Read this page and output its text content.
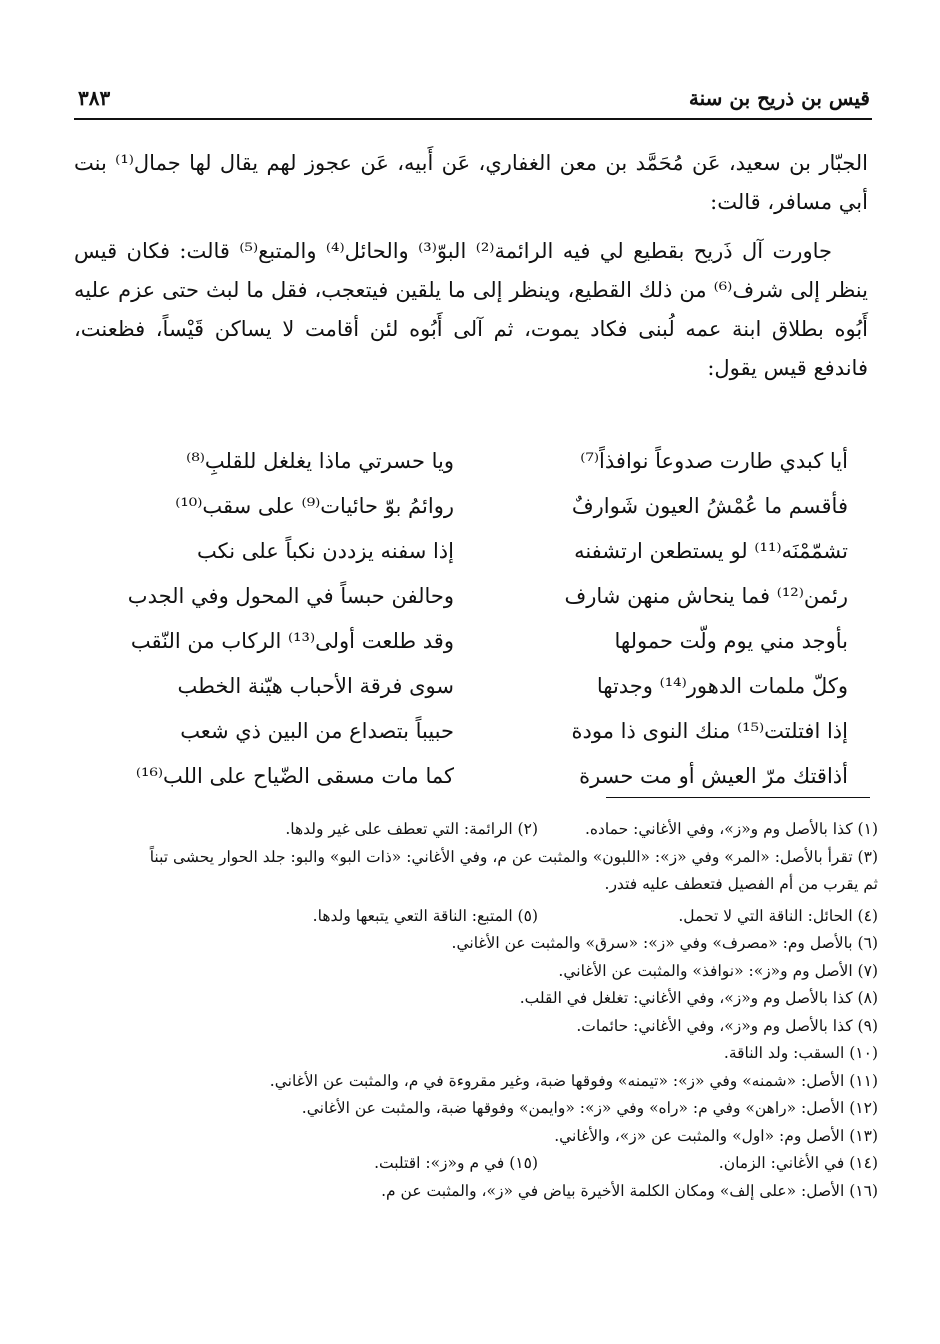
قيس بن ذريح بن سنة
٣٨٣

الجبّار بن سعيد، عَن مُحَمَّد بن معن الغفاري، عَن أَبيه، عَن عجوز لهم يقال لها جمال⁽¹⁾ بنت أبي مسافر، قالت:

جاورت آل ذَريح بقطيع لي فيه الرائمة⁽²⁾ البوّ⁽³⁾ والحائل⁽⁴⁾ والمتبع⁽⁵⁾ قالت: فكان قيس ينظر إلى شرف⁽⁶⁾ من ذلك القطيع، وينظر إلى ما يلقين فيتعجب، فقل ما لبث حتى عزم عليه أَبُوه بطلاق ابنة عمه لُبنى فكاد يموت، ثم آلى أَبُوه لئن أقامت لا يساكن قَيْساً، فظعنت، فاندفع قيس يقول:

أيا كبدي طارت صدوعاً نوافذاً⁽⁷⁾
ويا حسرتي ماذا يغلغل للقلبِ⁽⁸⁾
فأقسم ما عُمْشُ العيون شَوارفٌ
روائمُ بوّ حائيات⁽⁹⁾ على سقب⁽¹⁰⁾
تشمّمْنَه⁽¹¹⁾ لو يستطعن ارتشفنه
إذا سفنه يزددن نكباً على نكب
رئمن⁽¹²⁾ فما ينحاش منهن شارف
وحالفن حبساً في المحول وفي الجدب
بأوجد مني يوم ولّت حمولها
وقد طلعت أولى⁽¹³⁾ الركاب من النّقب
وكلّ ملمات الدهور⁽¹⁴⁾ وجدتها
سوى فرقة الأحباب هيّنة الخطب
إذا افتلتت⁽¹⁵⁾ منك النوى ذا مودة
حبيباً بتصداع من البين ذي شعب
أذاقتك مرّ العيش أو مت حسرة
كما مات مسقى الضّياح على اللب⁽¹⁶⁾
(١) كذا بالأصل وم و«ز»، وفي الأغاني: حماده.
(٢) الرائمة: التي تعطف على غير ولدها.
(٣) تقرأ بالأصل: «المر» وفي «ز»: «اللبون» والمثبت عن م، وفي الأغاني: «ذات البو» والبو: جلد الحوار يحشى تبناً
ثم يقرب من أم الفصيل فتعطف عليه فتدر.
(٤) الحائل: الناقة التي لا تحمل.
(٥) المتبع: الناقة التعي يتبعها ولدها.
(٦) بالأصل وم: «مصرف» وفي «ز»: «سرق» والمثبت عن الأغاني.
(٧) الأصل وم و«ز»: «نوافذ» والمثبت عن الأغاني.
(٨) كذا بالأصل وم و«ز»، وفي الأغاني: تغلغل في القلب.
(٩) كذا بالأصل وم و«ز»، وفي الأغاني: حائمات.
(١٠) السقب: ولد الناقة.
(١١) الأصل: «شمنه» وفي «ز»: «تيمنه» وفوقها ضبة، وغير مقروءة في م، والمثبت عن الأغاني.
(١٢) الأصل: «راهن» وفي م: «راه» وفي «ز»: «وايمن» وفوقها ضبة، والمثبت عن الأغاني.
(١٣) الأصل وم: «اول» والمثبت عن «ز»، والأغاني.
(١٤) في الأغاني: الزمان.
(١٥) في م و«ز»: اقتلبت.
(١٦) الأصل: «على إلف» ومكان الكلمة الأخيرة بياض في «ز»، والمثبت عن م.
